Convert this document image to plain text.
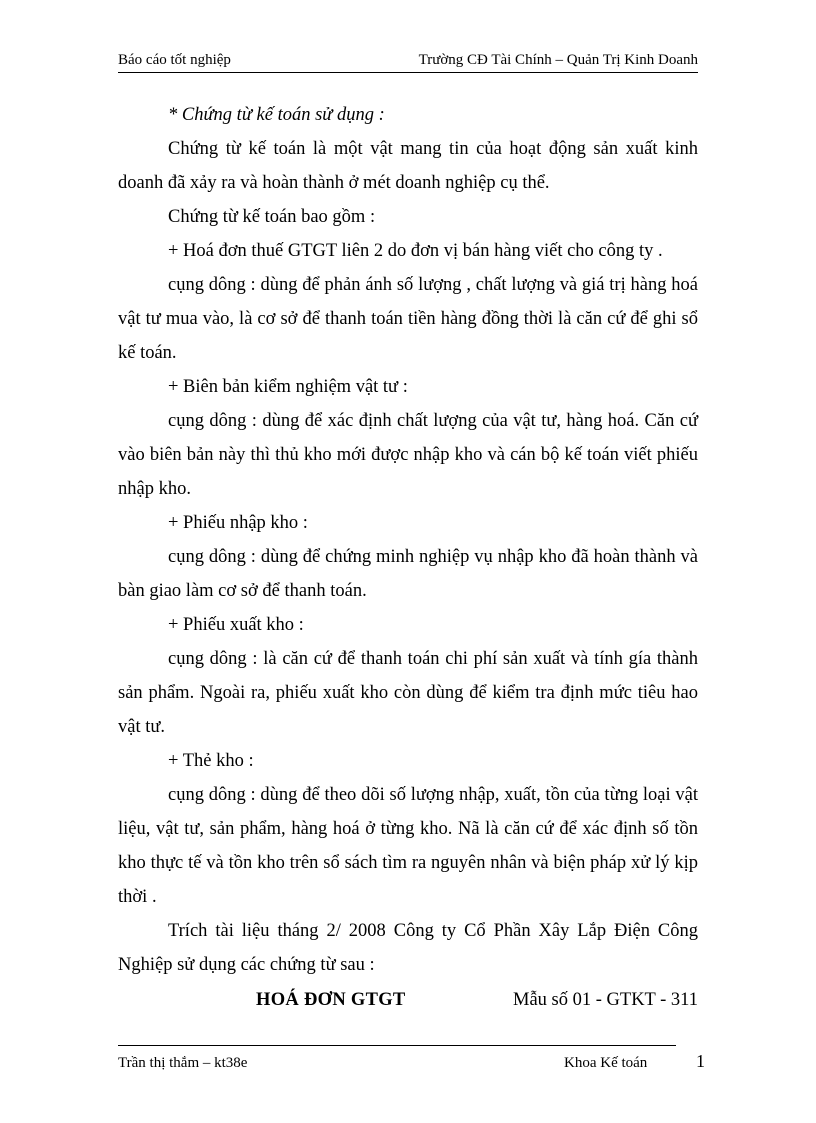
Báo cáo tốt nghiệp	Trường CĐ Tài Chính – Quản Trị Kinh Doanh

* Chứng từ kế toán sử dụng :

Chứng từ kế toán là một vật mang tin của hoạt động sản xuất kinh doanh đã xảy ra và hoàn thành ở mét doanh nghiệp cụ thể.

Chứng từ kế toán bao gồm :

+ Hoá đơn thuế GTGT liên 2 do đơn vị bán hàng viết cho công ty .

cụng dông : dùng để phản ánh số lượng , chất lượng và giá trị hàng hoá vật tư mua vào, là cơ sở để thanh toán tiền hàng đồng thời là căn cứ để ghi sổ kế toán.

+ Biên bản kiểm nghiệm vật tư :

cụng dông : dùng để xác định chất lượng của vật tư, hàng hoá. Căn cứ vào biên bản này thì thủ kho mới được nhập kho và cán bộ kế toán viết phiếu nhập kho.

+ Phiếu nhập kho :

cụng dông : dùng để chứng minh nghiệp vụ nhập kho đã hoàn thành và bàn giao làm cơ sở để thanh toán.

+ Phiếu xuất kho :

cụng dông : là căn cứ để thanh toán chi phí sản xuất và tính gía thành sản phẩm. Ngoài ra, phiếu xuất kho còn dùng để kiểm tra định mức tiêu hao vật tư.

+ Thẻ kho :

cụng dông : dùng để theo dõi số lượng nhập, xuất, tồn của từng loại vật liệu, vật tư, sản phẩm, hàng hoá ở từng kho. Nã là căn cứ để xác định số tồn kho thực tế và tồn kho trên sổ sách tìm ra nguyên nhân và biện pháp xử lý kịp thời .

Trích tài liệu tháng 2/ 2008 Công ty Cổ Phần Xây Lắp Điện Công Nghiệp sử dụng các chứng từ sau :

HOÁ ĐƠN GTGT	Mẫu số 01 - GTKT - 311
Trần thị thắm – kt38e	Khoa Kế toán	1
